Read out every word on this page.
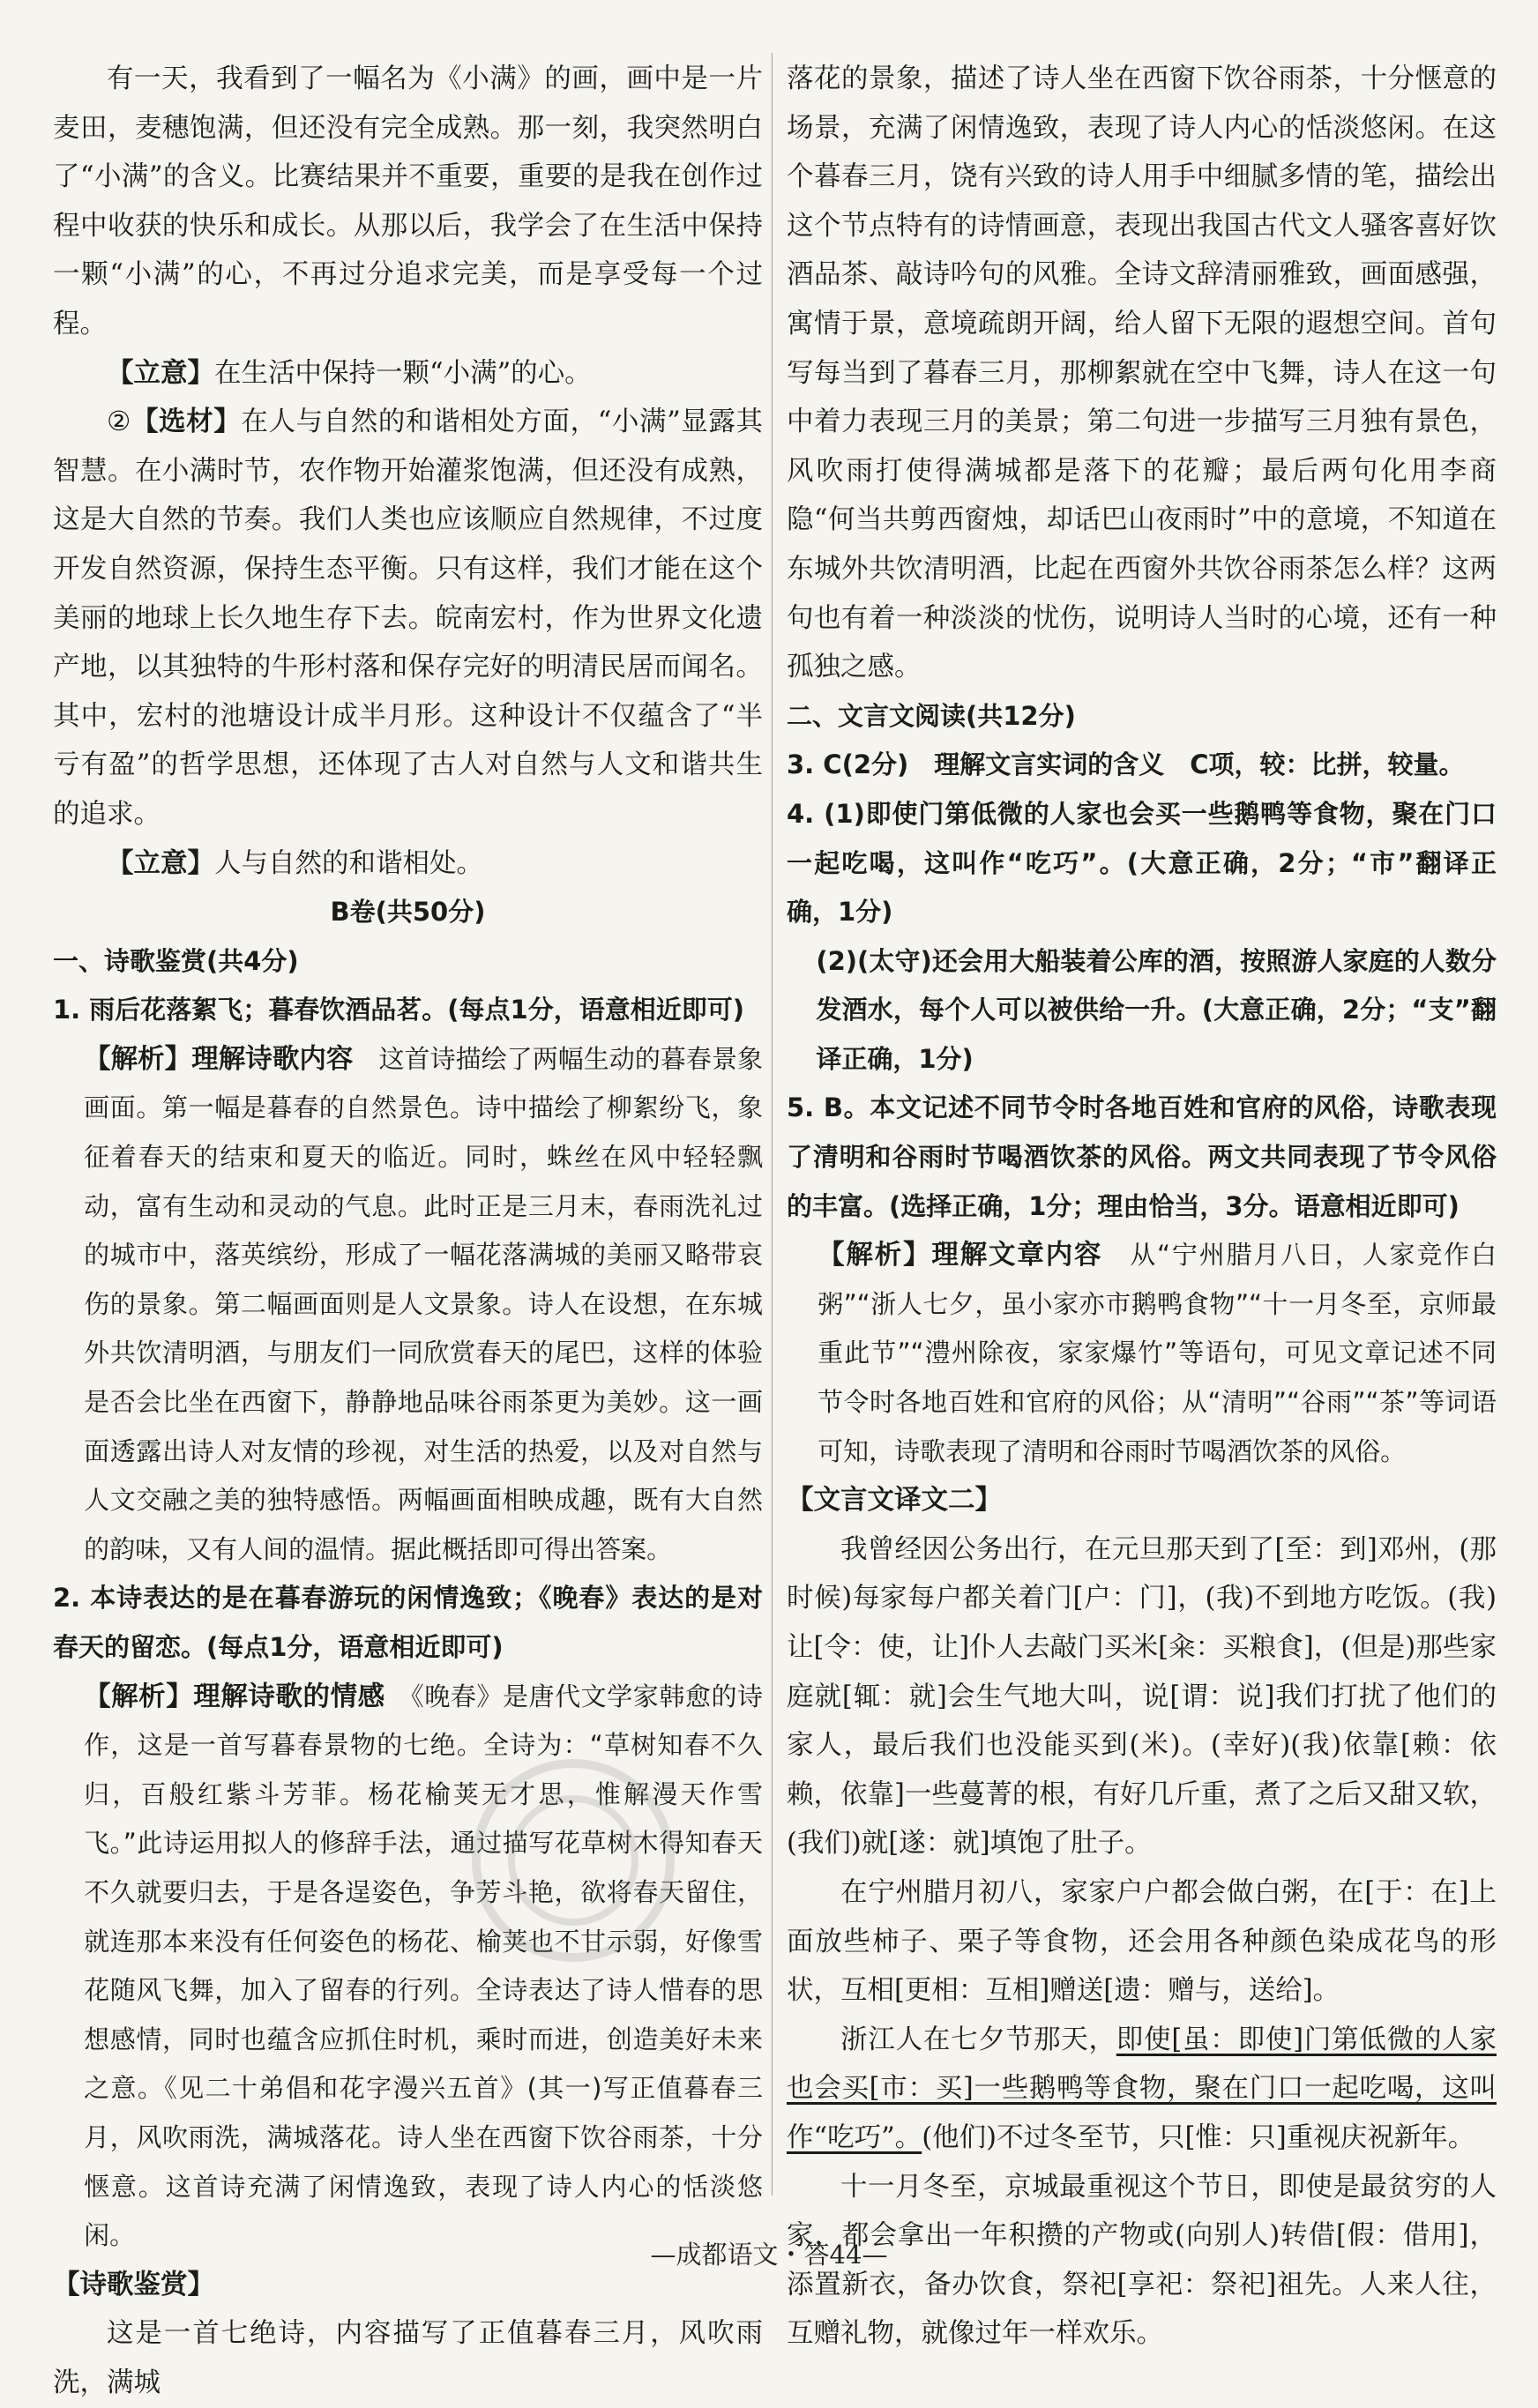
有一天，我看到了一幅名为《小满》的画，画中是一片麦田，麦穗饱满，但还没有完全成熟。那一刻，我突然明白了“小满”的含义。比赛结果并不重要，重要的是我在创作过程中收获的快乐和成长。从那以后，我学会了在生活中保持一颗“小满”的心，不再过分追求完美，而是享受每一个过程。

【立意】在生活中保持一颗“小满”的心。

②【选材】在人与自然的和谐相处方面，“小满”显露其智慧。在小满时节，农作物开始灌浆饱满，但还没有成熟，这是大自然的节奏。我们人类也应该顺应自然规律，不过度开发自然资源，保持生态平衡。只有这样，我们才能在这个美丽的地球上长久地生存下去。皖南宏村，作为世界文化遗产地，以其独特的牛形村落和保存完好的明清民居而闻名。其中，宏村的池塘设计成半月形。这种设计不仅蕴含了“半亏有盈”的哲学思想，还体现了古人对自然与人文和谐共生的追求。

【立意】人与自然的和谐相处。

B卷(共50分)

一、诗歌鉴赏(共4分)

1. 雨后花落絮飞；暮春饮酒品茗。(每点1分，语意相近即可)

【解析】理解诗歌内容　这首诗描绘了两幅生动的暮春景象画面。第一幅是暮春的自然景色。诗中描绘了柳絮纷飞，象征着春天的结束和夏天的临近。同时，蛛丝在风中轻轻飘动，富有生动和灵动的气息。此时正是三月末，春雨洗礼过的城市中，落英缤纷，形成了一幅花落满城的美丽又略带哀伤的景象。第二幅画面则是人文景象。诗人在设想，在东城外共饮清明酒，与朋友们一同欣赏春天的尾巴，这样的体验是否会比坐在西窗下，静静地品味谷雨茶更为美妙。这一画面透露出诗人对友情的珍视，对生活的热爱，以及对自然与人文交融之美的独特感悟。两幅画面相映成趣，既有大自然的韵味，又有人间的温情。据此概括即可得出答案。

2. 本诗表达的是在暮春游玩的闲情逸致；《晚春》表达的是对春天的留恋。(每点1分，语意相近即可)

【解析】理解诗歌的情感　《晚春》是唐代文学家韩愈的诗作，这是一首写暮春景物的七绝。全诗为：“草树知春不久归，百般红紫斗芳菲。杨花榆荚无才思，惟解漫天作雪飞。”此诗运用拟人的修辞手法，通过描写花草树木得知春天不久就要归去，于是各逞姿色，争芳斗艳，欲将春天留住，就连那本来没有任何姿色的杨花、榆荚也不甘示弱，好像雪花随风飞舞，加入了留春的行列。全诗表达了诗人惜春的思想感情，同时也蕴含应抓住时机，乘时而进，创造美好未来之意。《见二十弟倡和花字漫兴五首》(其一)写正值暮春三月，风吹雨洗，满城落花。诗人坐在西窗下饮谷雨茶，十分惬意。这首诗充满了闲情逸致，表现了诗人内心的恬淡悠闲。

【诗歌鉴赏】

这是一首七绝诗，内容描写了正值暮春三月，风吹雨洗，满城

落花的景象，描述了诗人坐在西窗下饮谷雨茶，十分惬意的场景，充满了闲情逸致，表现了诗人内心的恬淡悠闲。在这个暮春三月，饶有兴致的诗人用手中细腻多情的笔，描绘出这个节点特有的诗情画意，表现出我国古代文人骚客喜好饮酒品茶、敲诗吟句的风雅。全诗文辞清丽雅致，画面感强，寓情于景，意境疏朗开阔，给人留下无限的遐想空间。首句写每当到了暮春三月，那柳絮就在空中飞舞，诗人在这一句中着力表现三月的美景；第二句进一步描写三月独有景色，风吹雨打使得满城都是落下的花瓣；最后两句化用李商隐“何当共剪西窗烛，却话巴山夜雨时”中的意境，不知道在东城外共饮清明酒，比起在西窗外共饮谷雨茶怎么样？这两句也有着一种淡淡的忧伤，说明诗人当时的心境，还有一种孤独之感。

二、文言文阅读(共12分)

3. C(2分)　理解文言实词的含义　C项，较：比拼，较量。

4. (1)即使门第低微的人家也会买一些鹅鸭等食物，聚在门口一起吃喝，这叫作“吃巧”。(大意正确，2分；“市”翻译正确，1分)

(2)(太守)还会用大船装着公库的酒，按照游人家庭的人数分发酒水，每个人可以被供给一升。(大意正确，2分；“支”翻译正确，1分)

5. B。本文记述不同节令时各地百姓和官府的风俗，诗歌表现了清明和谷雨时节喝酒饮茶的风俗。两文共同表现了节令风俗的丰富。(选择正确，1分；理由恰当，3分。语意相近即可)

【解析】理解文章内容　从“宁州腊月八日，人家竞作白粥”“浙人七夕，虽小家亦市鹅鸭食物”“十一月冬至，京师最重此节”“澧州除夜，家家爆竹”等语句，可见文章记述不同节令时各地百姓和官府的风俗；从“清明”“谷雨”“茶”等词语可知，诗歌表现了清明和谷雨时节喝酒饮茶的风俗。

【文言文译文二】

我曾经因公务出行，在元旦那天到了[至：到]邓州，(那时候)每家每户都关着门[户：门]，(我)不到地方吃饭。(我)让[令：使，让]仆人去敲门买米[籴：买粮食]，(但是)那些家庭就[辄：就]会生气地大叫，说[谓：说]我们打扰了他们的家人，最后我们也没能买到(米)。(幸好)(我)依靠[赖：依赖，依靠]一些蔓菁的根，有好几斤重，煮了之后又甜又软，(我们)就[遂：就]填饱了肚子。

在宁州腊月初八，家家户户都会做白粥，在[于：在]上面放些柿子、栗子等食物，还会用各种颜色染成花鸟的形状，互相[更相：互相]赠送[遗：赠与，送给]。

浙江人在七夕节那天，即使[虽：即使]门第低微的人家也会买[市：买]一些鹅鸭等食物，聚在门口一起吃喝，这叫作“吃巧”。(他们)不过冬至节，只[惟：只]重视庆祝新年。

十一月冬至，京城最重视这个节日，即使是最贫穷的人家，都会拿出一年积攒的产物或(向别人)转借[假：借用]，添置新衣，备办饮食，祭祀[享祀：祭祀]祖先。人来人往，互赠礼物，就像过年一样欢乐。

—成都语文・答44—
